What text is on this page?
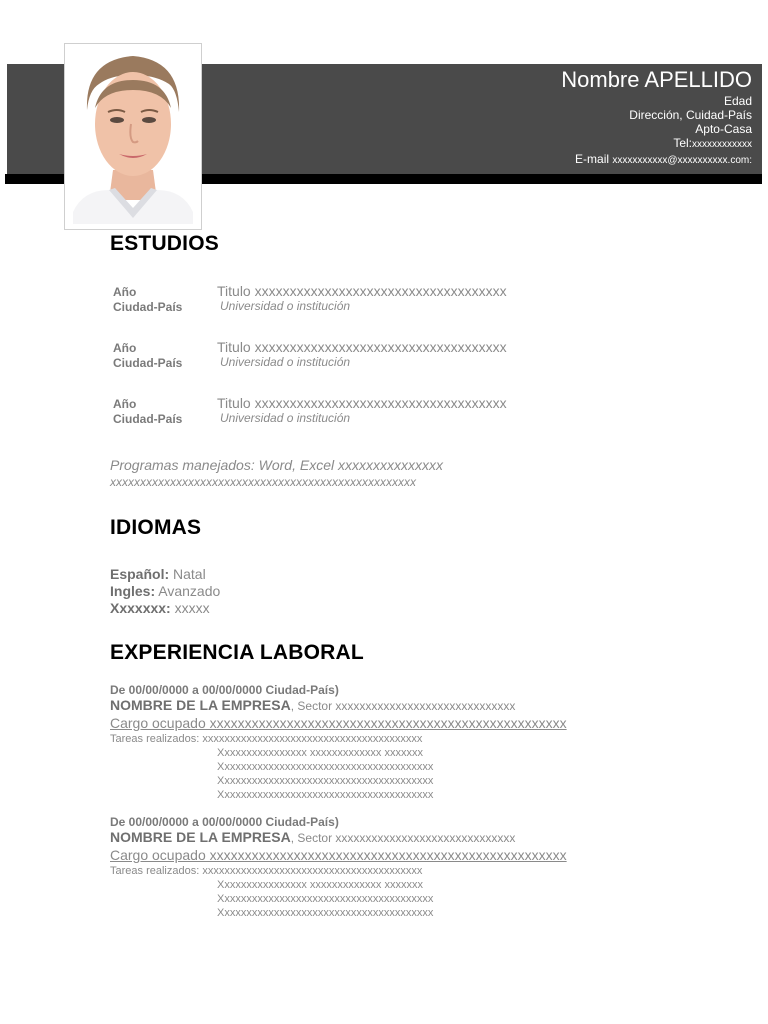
Nombre APELLIDO
Edad
Dirección, Cuidad-País
Apto-Casa
Tel:xxxxxxxxxxxx
E-mail xxxxxxxxxxx@xxxxxxxxxx.com:
ESTUDIOS
Año
Ciudad-País
Titulo xxxxxxxxxxxxxxxxxxxxxxxxxxxxxxxxxxxx
Universidad o institución
Año
Ciudad-País
Titulo xxxxxxxxxxxxxxxxxxxxxxxxxxxxxxxxxxxx
Universidad o institución
Año
Ciudad-País
Titulo xxxxxxxxxxxxxxxxxxxxxxxxxxxxxxxxxxxx
Universidad o institución
Programas manejados: Word, Excel xxxxxxxxxxxxxxx
xxxxxxxxxxxxxxxxxxxxxxxxxxxxxxxxxxxxxxxxxxxxxxxxxxx
IDIOMAS
Español: Natal
Ingles: Avanzado
Xxxxxxx: xxxxx
EXPERIENCIA LABORAL
De 00/00/0000 a 00/00/0000 Ciudad-País)
NOMBRE DE LA EMPRESA, Sector xxxxxxxxxxxxxxxxxxxxxxxxxxxxxx
Cargo ocupado xxxxxxxxxxxxxxxxxxxxxxxxxxxxxxxxxxxxxxxxxxxxxxxxxxx
Tareas realizados: xxxxxxxxxxxxxxxxxxxxxxxxxxxxxxxxxxxxxxxx
Xxxxxxxxxxxxxxxx xxxxxxxxxxxxx xxxxxxx
Xxxxxxxxxxxxxxxxxxxxxxxxxxxxxxxxxxxxxxx
Xxxxxxxxxxxxxxxxxxxxxxxxxxxxxxxxxxxxxxx
Xxxxxxxxxxxxxxxxxxxxxxxxxxxxxxxxxxxxxxx
De 00/00/0000 a 00/00/0000 Ciudad-País)
NOMBRE DE LA EMPRESA, Sector xxxxxxxxxxxxxxxxxxxxxxxxxxxxxx
Cargo ocupado xxxxxxxxxxxxxxxxxxxxxxxxxxxxxxxxxxxxxxxxxxxxxxxxxxx
Tareas realizados: xxxxxxxxxxxxxxxxxxxxxxxxxxxxxxxxxxxxxxxx
Xxxxxxxxxxxxxxxx xxxxxxxxxxxxx xxxxxxx
Xxxxxxxxxxxxxxxxxxxxxxxxxxxxxxxxxxxxxxx
Xxxxxxxxxxxxxxxxxxxxxxxxxxxxxxxxxxxxxxx
